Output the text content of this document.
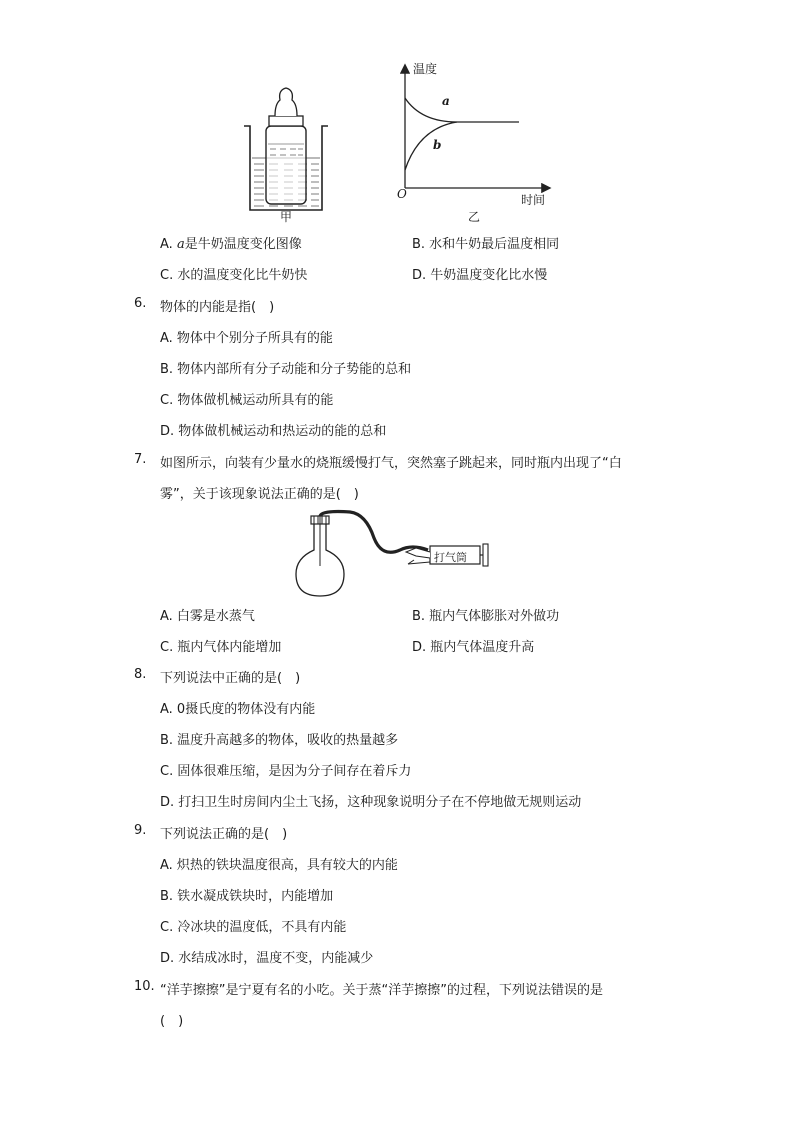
甲
温度
时间
O
a
b
乙
A. a是牛奶温度变化图像	B. 水和牛奶最后温度相同
C. 水的温度变化比牛奶快	D. 牛奶温度变化比水慢
6. 物体的内能是指(　)
A. 物体中个别分子所具有的能
B. 物体内部所有分子动能和分子势能的总和
C. 物体做机械运动所具有的能
D. 物体做机械运动和热运动的能的总和
7. 如图所示，向装有少量水的烧瓶缓慢打气，突然塞子跳起来，同时瓶内出现了“白
雾”，关于该现象说法正确的是(　)
打气筒
A. 白雾是水蒸气	B. 瓶内气体膨胀对外做功
C. 瓶内气体内能增加	D. 瓶内气体温度升高
8. 下列说法中正确的是(　)
A. 0摄氏度的物体没有内能
B. 温度升高越多的物体，吸收的热量越多
C. 固体很难压缩，是因为分子间存在着斥力
D. 打扫卫生时房间内尘土飞扬，这种现象说明分子在不停地做无规则运动
9. 下列说法正确的是(　)
A. 炽热的铁块温度很高，具有较大的内能
B. 铁水凝成铁块时，内能增加
C. 冷冰块的温度低，不具有内能
D. 水结成冰时，温度不变，内能减少
10. “洋芋擦擦”是宁夏有名的小吃。关于蒸“洋芋擦擦”的过程，下列说法错误的是
(　)
